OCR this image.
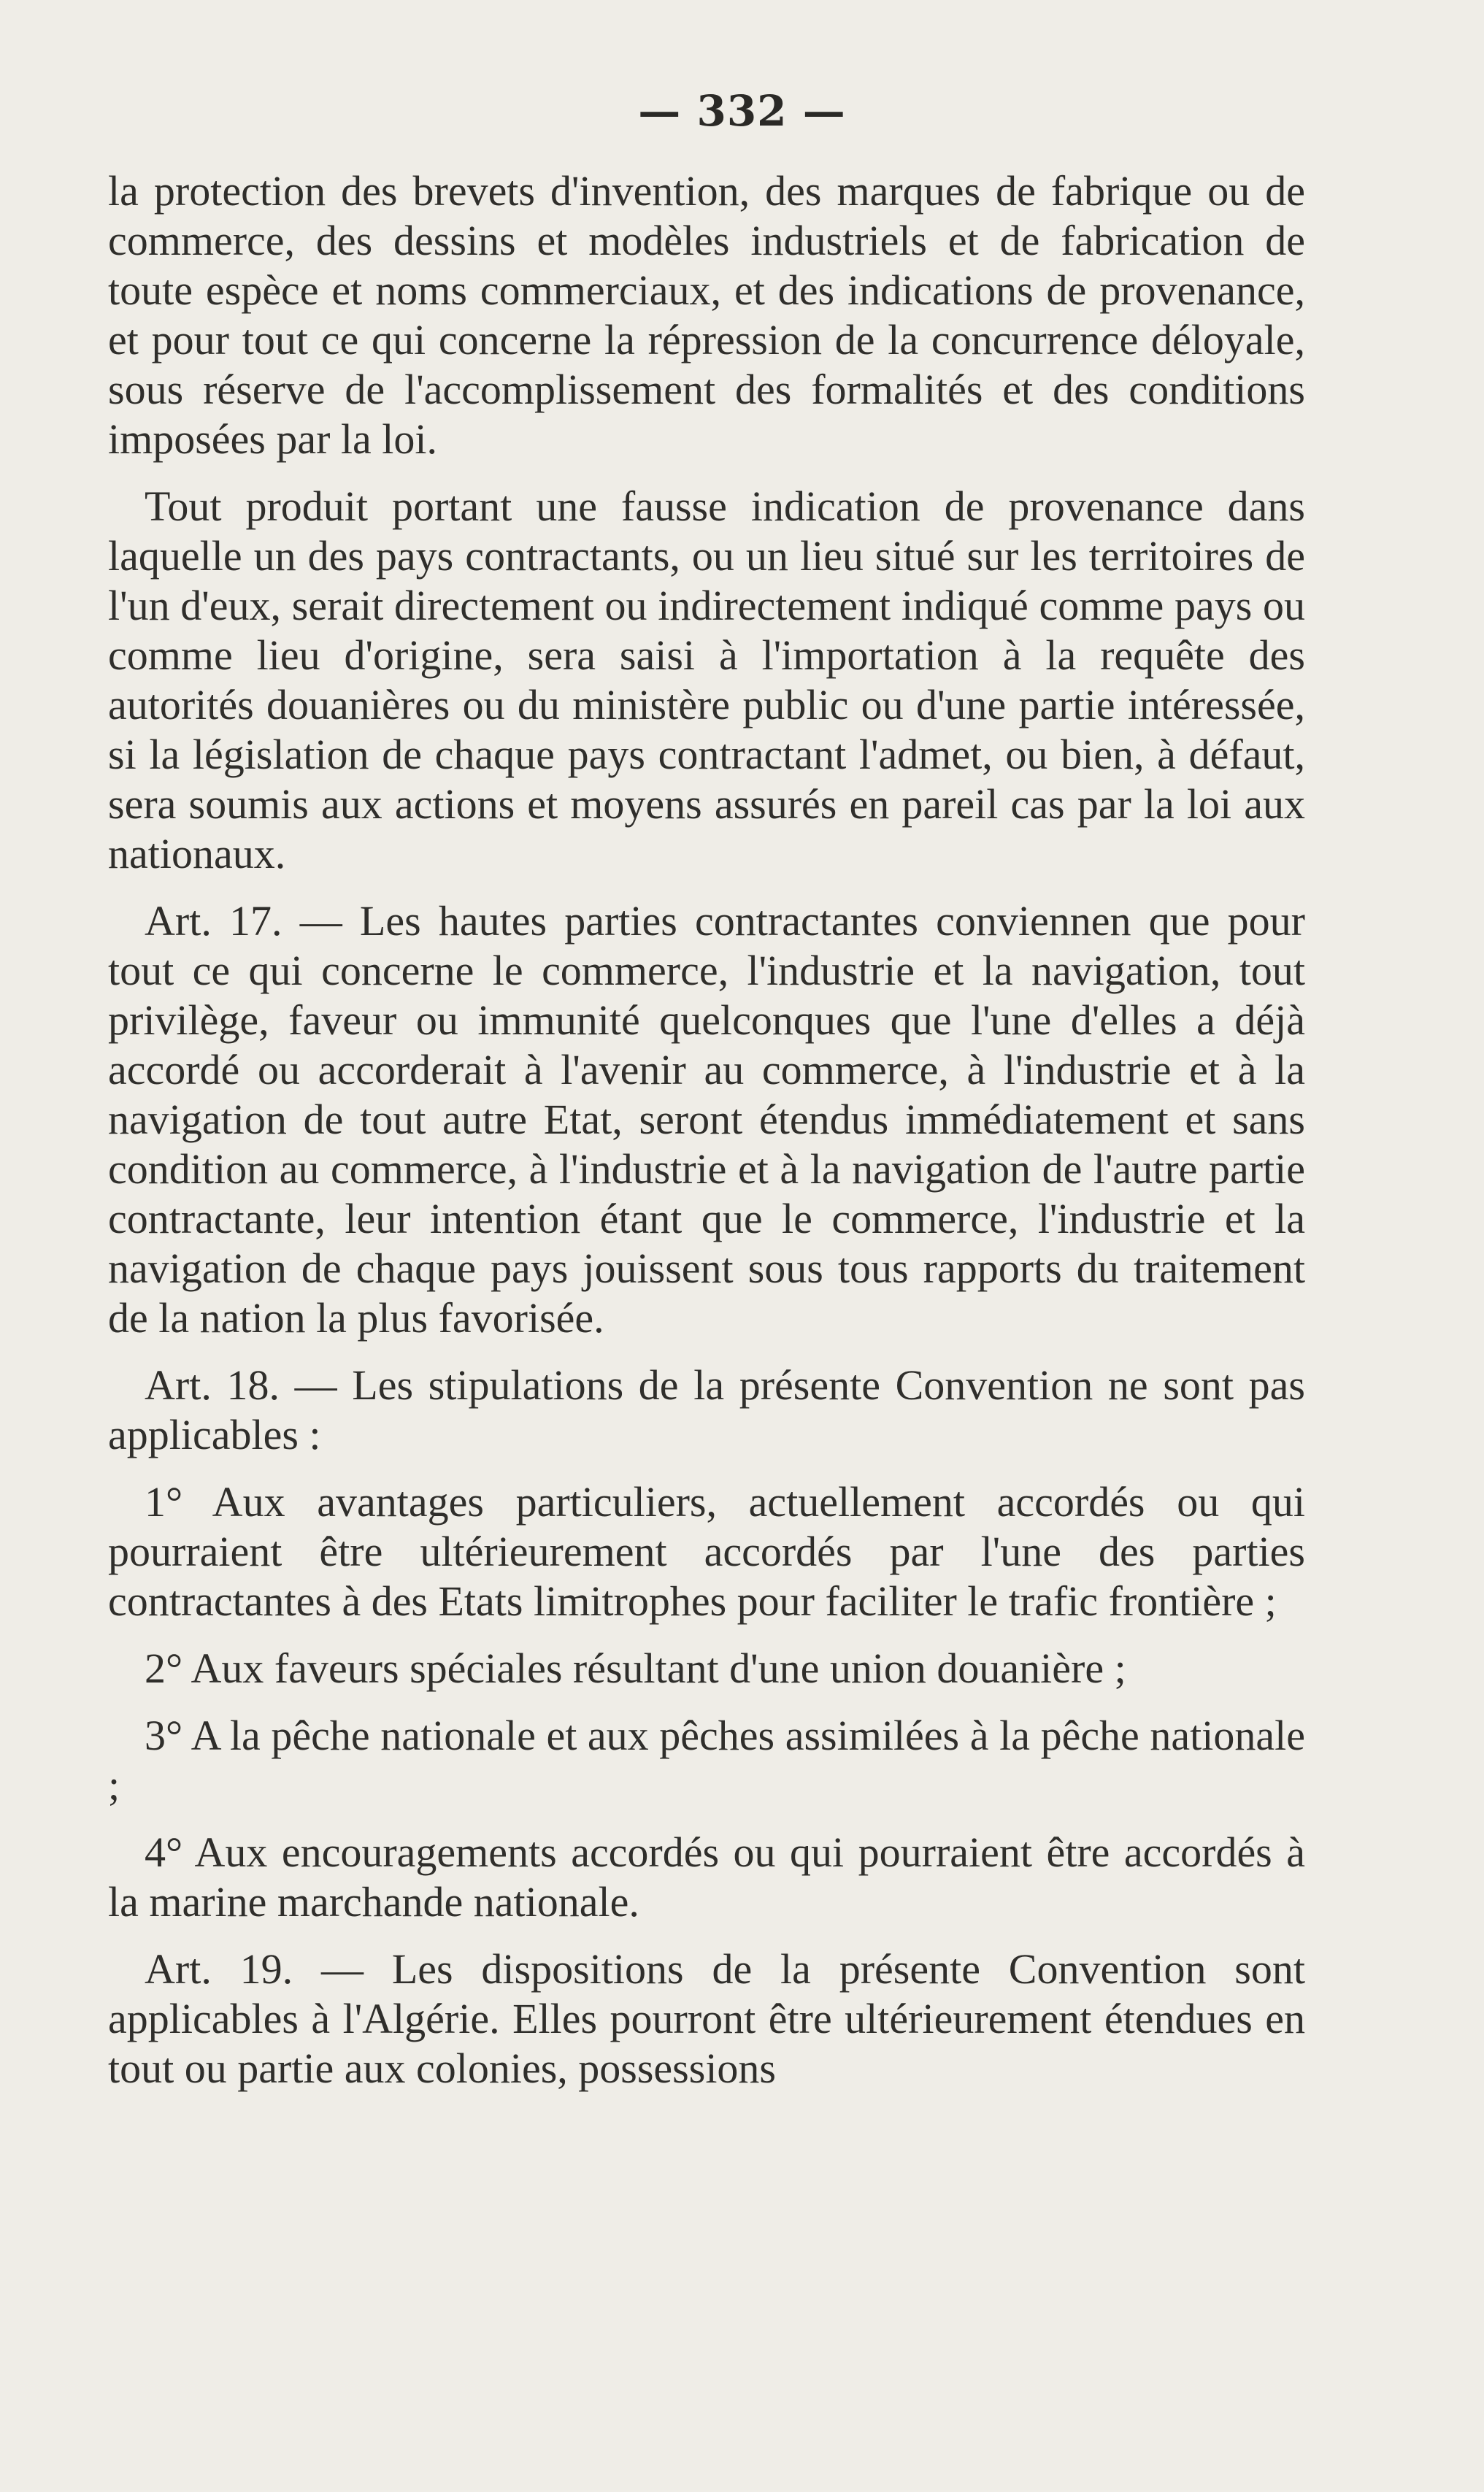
— 332 —

la protection des brevets d'invention, des marques de fabrique ou de commerce, des dessins et modèles industriels et de fabrication de toute espèce et noms commerciaux, et des indications de provenance, et pour tout ce qui concerne la répression de la concurrence déloyale, sous réserve de l'accomplissement des formalités et des conditions imposées par la loi.

Tout produit portant une fausse indication de provenance dans laquelle un des pays contractants, ou un lieu situé sur les territoires de l'un d'eux, serait directement ou indirectement indiqué comme pays ou comme lieu d'origine, sera saisi à l'importation à la requête des autorités douanières ou du ministère public ou d'une partie intéressée, si la législation de chaque pays contractant l'admet, ou bien, à défaut, sera soumis aux actions et moyens assurés en pareil cas par la loi aux nationaux.

Art. 17. — Les hautes parties contractantes conviennen que pour tout ce qui concerne le commerce, l'industrie et la navigation, tout privilège, faveur ou immunité quelconques que l'une d'elles a déjà accordé ou accorderait à l'avenir au commerce, à l'industrie et à la navigation de tout autre Etat, seront étendus immédiatement et sans condition au commerce, à l'industrie et à la navigation de l'autre partie contractante, leur intention étant que le commerce, l'industrie et la navigation de chaque pays jouissent sous tous rapports du traitement de la nation la plus favorisée.

Art. 18. — Les stipulations de la présente Convention ne sont pas applicables :

1° Aux avantages particuliers, actuellement accordés ou qui pourraient être ultérieurement accordés par l'une des parties contractantes à des Etats limitrophes pour faciliter le trafic frontière ;

2° Aux faveurs spéciales résultant d'une union douanière ;

3° A la pêche nationale et aux pêches assimilées à la pêche nationale ;

4° Aux encouragements accordés ou qui pourraient être accordés à la marine marchande nationale.

Art. 19. — Les dispositions de la présente Convention sont applicables à l'Algérie. Elles pourront être ultérieurement étendues en tout ou partie aux colonies, possessions
